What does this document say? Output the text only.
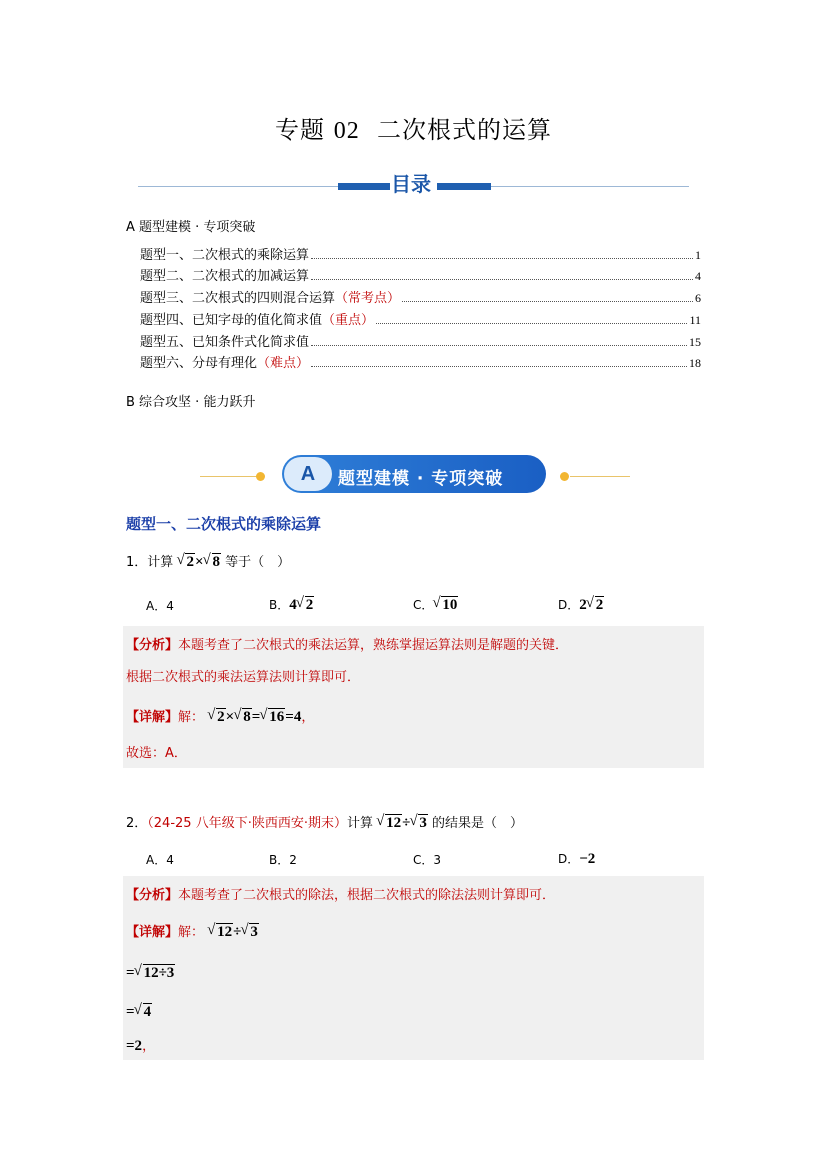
专题 02 二次根式的运算
目录
A 题型建模 · 专项突破
题型一、二次根式的乘除运算	1
题型二、二次根式的加减运算	4
题型三、二次根式的四则混合运算（常考点）	6
题型四、已知字母的值化简求值（重点）	11
题型五、已知条件式化简求值	15
题型六、分母有理化（难点）	18
B 综合攻坚 · 能力跃升
A	题型建模 · 专项突破
题型一、二次根式的乘除运算
1．计算 √ 2× √ 8 等于（　）
A．4	B．4 √ 2	C． √ 10	D．2 √ 2
【分析】本题考查了二次根式的乘法运算，熟练掌握运算法则是解题的关键．
根据二次根式的乘法运算法则计算即可．
【详解】解： √ 2× √ 8= √ 16=4，
故选：A．
2．（24-25 八年级下·陕西西安·期末）计算 √ 12÷ √ 3 的结果是（　）
A．4	B．2	C．3	D．−2
【分析】本题考查了二次根式的除法，根据二次根式的除法法则计算即可．
【详解】解： √ 12÷ √ 3
= √ 12÷3
= √ 4
=2，
